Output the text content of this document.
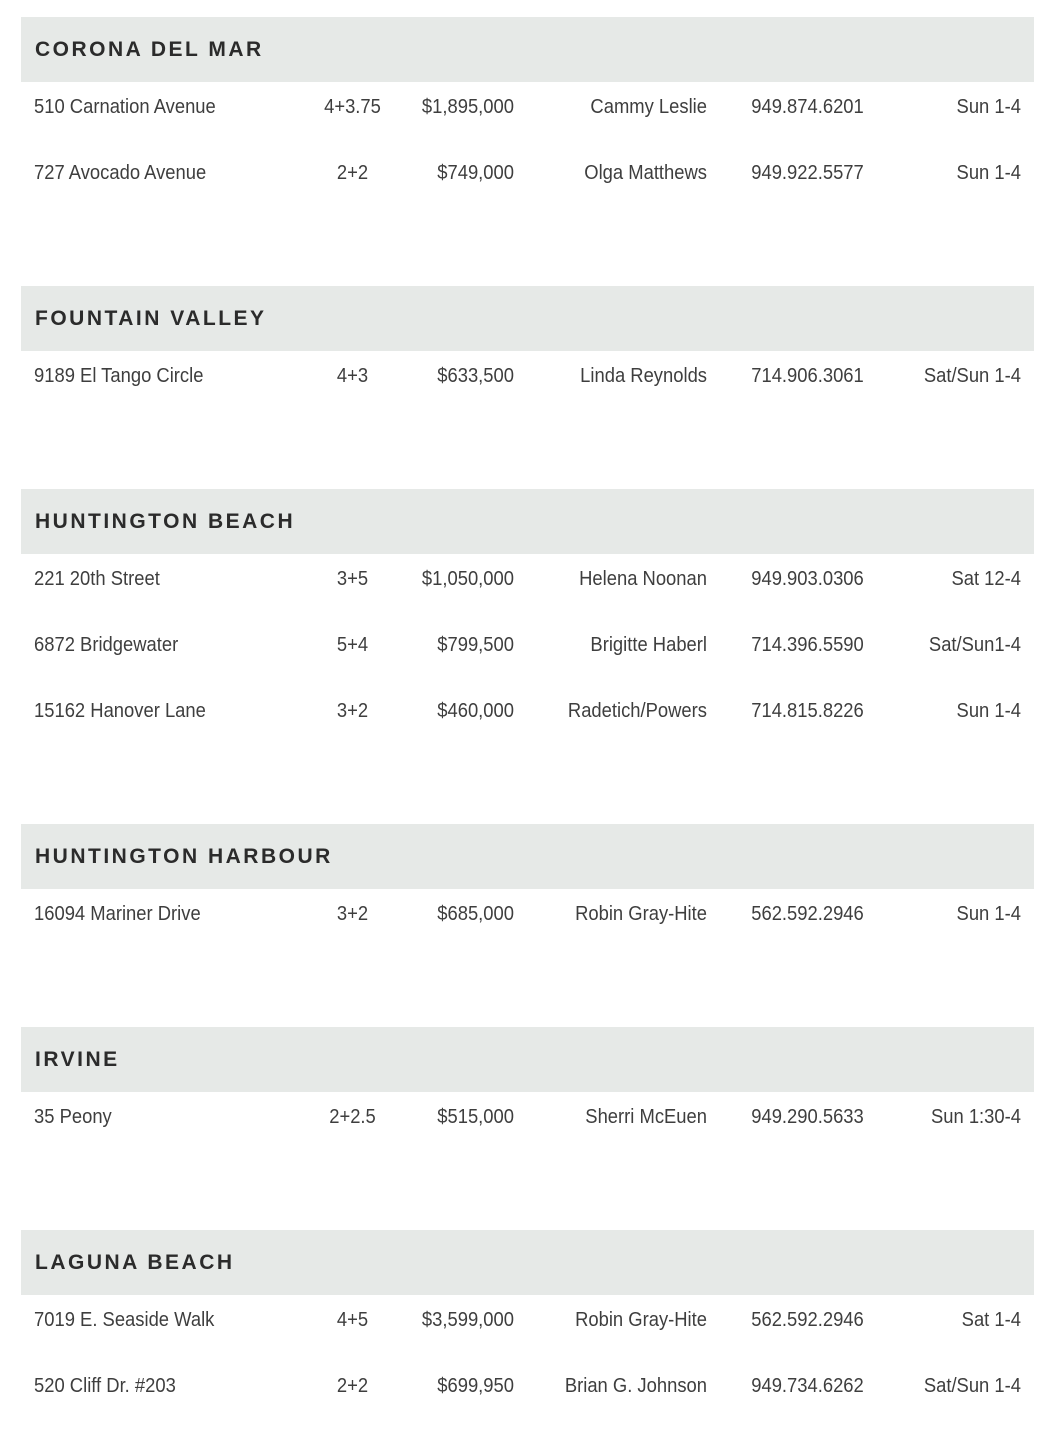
CORONA DEL MAR
510 Carnation Avenue	4+3.75	$1,895,000	Cammy Leslie	949.874.6201	Sun 1-4
727 Avocado Avenue	2+2	$749,000	Olga Matthews	949.922.5577	Sun 1-4
FOUNTAIN VALLEY
9189 El Tango Circle	4+3	$633,500	Linda Reynolds	714.906.3061	Sat/Sun 1-4
HUNTINGTON BEACH
221 20th Street	3+5	$1,050,000	Helena Noonan	949.903.0306	Sat 12-4
6872 Bridgewater	5+4	$799,500	Brigitte Haberl	714.396.5590	Sat/Sun1-4
15162 Hanover Lane	3+2	$460,000	Radetich/Powers	714.815.8226	Sun 1-4
HUNTINGTON HARBOUR
16094 Mariner Drive	3+2	$685,000	Robin Gray-Hite	562.592.2946	Sun 1-4
IRVINE
35 Peony	2+2.5	$515,000	Sherri McEuen	949.290.5633	Sun 1:30-4
LAGUNA BEACH
7019 E. Seaside Walk	4+5	$3,599,000	Robin Gray-Hite	562.592.2946	Sat 1-4
520 Cliff Dr. #203	2+2	$699,950	Brian G. Johnson	949.734.6262	Sat/Sun 1-4
